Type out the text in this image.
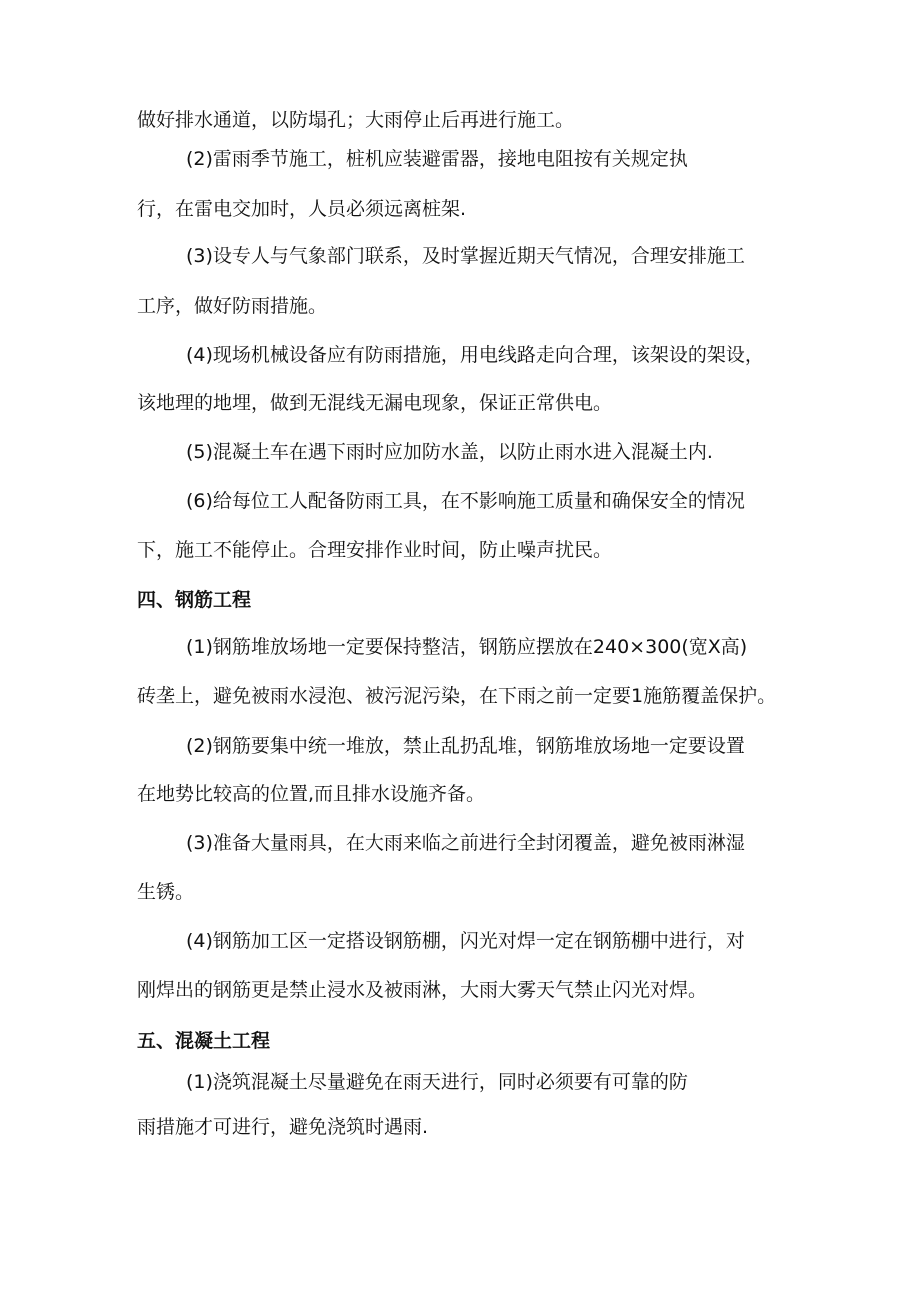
做好排水通道，以防塌孔；大雨停止后再进行施工。
(2)雷雨季节施工，桩机应装避雷器，接地电阻按有关规定执
行，在雷电交加时，人员必须远离桩架.
(3)设专人与气象部门联系，及时掌握近期天气情况，合理安排施工
工序，做好防雨措施。
(4)现场机械设备应有防雨措施，用电线路走向合理，该架设的架设，
该地理的地埋，做到无混线无漏电现象，保证正常供电。
(5)混凝土车在遇下雨时应加防水盖，以防止雨水进入混凝土内.
(6)给每位工人配备防雨工具，在不影响施工质量和确保安全的情况
下，施工不能停止。合理安排作业时间，防止噪声扰民。
四、钢筋工程
(1)钢筋堆放场地一定要保持整洁，钢筋应摆放在240×300(宽X高)
砖垄上，避免被雨水浸泡、被污泥污染，在下雨之前一定要1施筋覆盖保护。
(2)钢筋要集中统一堆放，禁止乱扔乱堆，钢筋堆放场地一定要设置
在地势比较高的位置,而且排水设施齐备。
(3)准备大量雨具，在大雨来临之前进行全封闭覆盖，避免被雨淋湿
生锈。
(4)钢筋加工区一定搭设钢筋棚，闪光对焊一定在钢筋棚中进行，对
刚焊出的钢筋更是禁止浸水及被雨淋，大雨大雾天气禁止闪光对焊。
五、混凝土工程
(1)浇筑混凝土尽量避免在雨天进行，同时必须要有可靠的防
雨措施才可进行，避免浇筑时遇雨.
